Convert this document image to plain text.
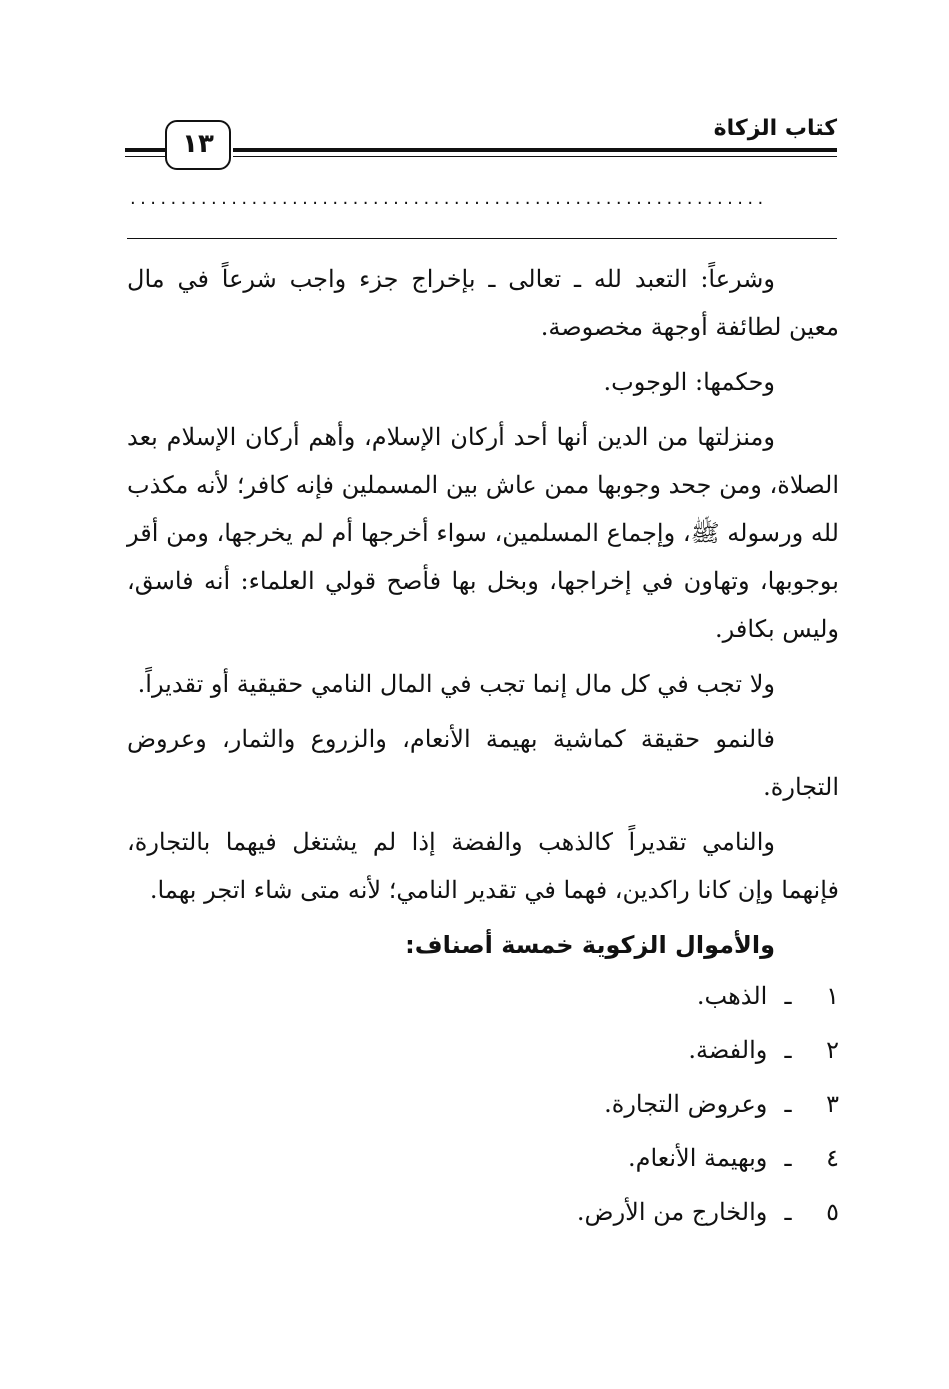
١٣
كتاب الزكاة
...............................................................

وشرعاً: التعبد لله ـ تعالى ـ بإخراج جزء واجب شرعاً في مال معين لطائفة أوجهة مخصوصة.

وحكمها: الوجوب.

ومنزلتها من الدين أنها أحد أركان الإسلام، وأهم أركان الإسلام بعد الصلاة، ومن جحد وجوبها ممن عاش بين المسملين فإنه كافر؛ لأنه مكذب لله ورسوله ﷺ، وإجماع المسلمين، سواء أخرجها أم لم يخرجها، ومن أقر بوجوبها، وتهاون في إخراجها، وبخل بها فأصح قولي العلماء: أنه فاسق، وليس بكافر.

ولا تجب في كل مال إنما تجب في المال النامي حقيقية أو تقديراً.

فالنمو حقيقة كماشية بهيمة الأنعام، والزروع والثمار، وعروض التجارة.

والنامي تقديراً كالذهب والفضة إذا لم يشتغل فيهما بالتجارة، فإنهما وإن كانا راكدين، فهما في تقدير النامي؛ لأنه متى شاء اتجر بهما.

والأموال الزكوية خمسة أصناف:

١ـ الذهب.

٢ـ والفضة.

٣ـ وعروض التجارة.

٤ـ وبهيمة الأنعام.

٥ـ والخارج من الأرض.
